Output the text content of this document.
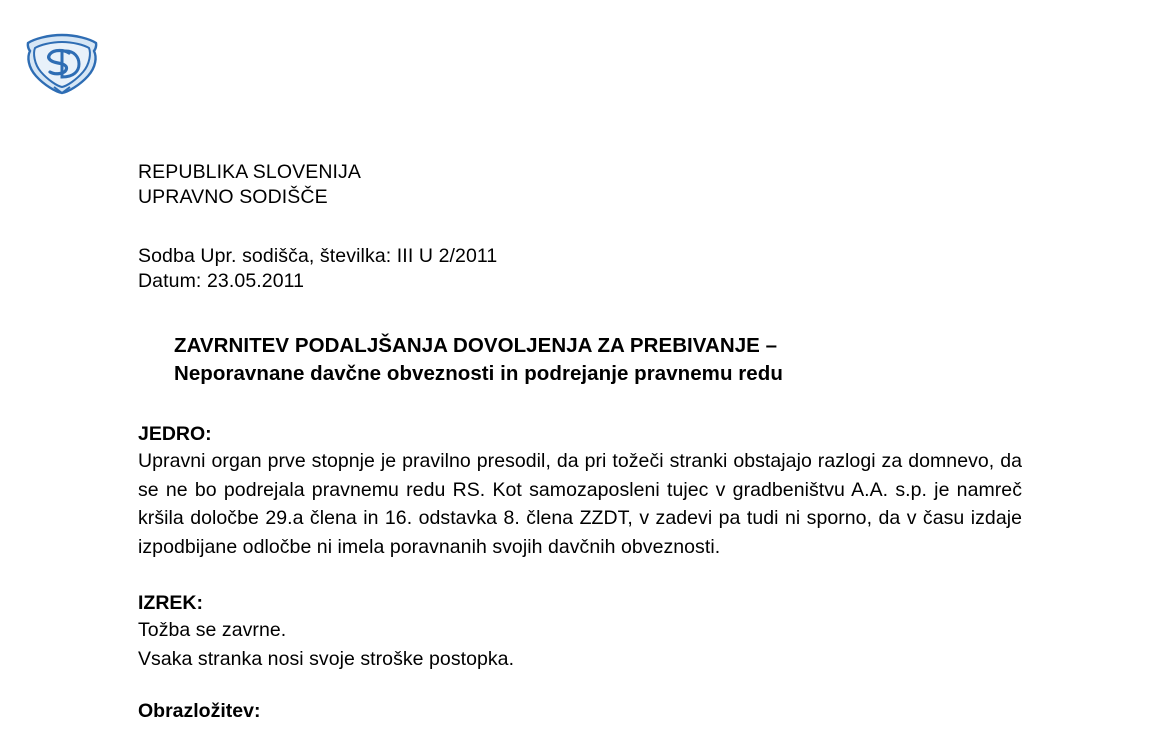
REPUBLIKA SLOVENIJA
UPRAVNO SODIŠČE
Sodba Upr. sodišča, številka: III U 2/2011
Datum: 23.05.2011
ZAVRNITEV PODALJŠANJA DOVOLJENJA ZA PREBIVANJE –
Neporavnane davčne obveznosti in podrejanje pravnemu redu
JEDRO:
Upravni organ prve stopnje je pravilno presodil, da pri tožeči stranki obstajajo razlogi za domnevo, da se ne bo podrejala pravnemu redu RS. Kot samozaposleni tujec v gradbeništvu A.A. s.p. je namreč kršila določbe 29.a člena in 16. odstavka 8. člena ZZDT, v zadevi pa tudi ni sporno, da v času izdaje izpodbijane odločbe ni imela poravnanih svojih davčnih obveznosti.
IZREK:
Tožba se zavrne.
Vsaka stranka nosi svoje stroške postopka.
Obrazložitev:
